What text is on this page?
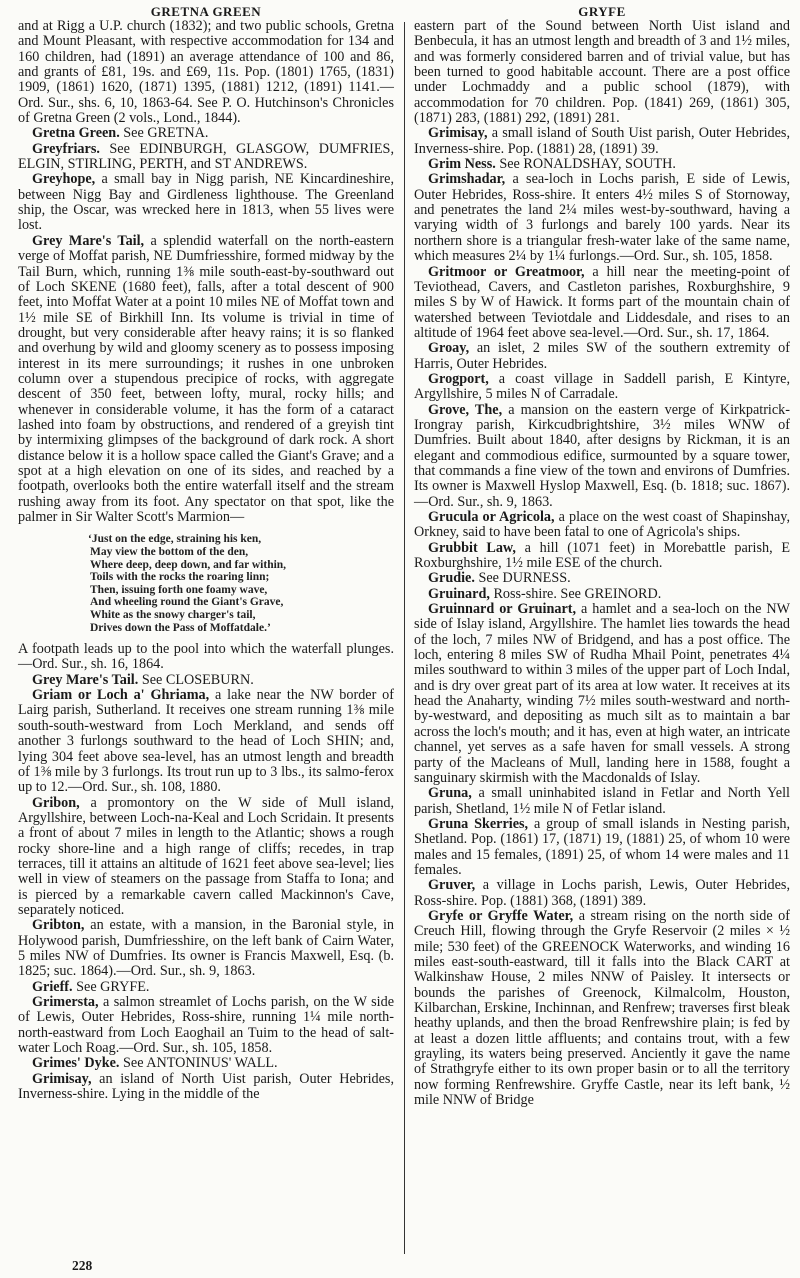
GRETNA GREEN	GRYFE

and at Rigg a U.P. church (1832); and two public schools, Gretna and Mount Pleasant, with respective accommodation for 134 and 160 children, had (1891) an average attendance of 100 and 86, and grants of £81, 19s. and £69, 11s. Pop. (1801) 1765, (1831) 1909, (1861) 1620, (1871) 1395, (1881) 1212, (1891) 1141.—Ord. Sur., shs. 6, 10, 1863-64. See P. O. Hutchinson's Chronicles of Gretna Green (2 vols., Lond., 1844).

Gretna Green. See GRETNA.

Greyfriars. See EDINBURGH, GLASGOW, DUMFRIES, ELGIN, STIRLING, PERTH, and ST ANDREWS.

Greyhope, a small bay in Nigg parish, NE Kincardineshire, between Nigg Bay and Girdleness lighthouse. The Greenland ship, the Oscar, was wrecked here in 1813, when 55 lives were lost.

Grey Mare's Tail, a splendid waterfall on the north-eastern verge of Moffat parish, NE Dumfriesshire, formed midway by the Tail Burn, which, running 1⅜ mile south-east-by-southward out of Loch SKENE (1680 feet), falls, after a total descent of 900 feet, into Moffat Water at a point 10 miles NE of Moffat town and 1½ mile SE of Birkhill Inn. Its volume is trivial in time of drought, but very considerable after heavy rains; it is so flanked and overhung by wild and gloomy scenery as to possess imposing interest in its mere surroundings; it rushes in one unbroken column over a stupendous precipice of rocks, with aggregate descent of 350 feet, between lofty, mural, rocky hills; and whenever in considerable volume, it has the form of a cataract lashed into foam by obstructions, and rendered of a greyish tint by intermixing glimpses of the background of dark rock. A short distance below it is a hollow space called the Giant's Grave; and a spot at a high elevation on one of its sides, and reached by a footpath, overlooks both the entire waterfall itself and the stream rushing away from its foot. Any spectator on that spot, like the palmer in Sir Walter Scott's Marmion—

‘Just on the edge, straining his ken,
May view the bottom of the den,
Where deep, deep down, and far within,
Toils with the rocks the roaring linn;
Then, issuing forth one foamy wave,
And wheeling round the Giant's Grave,
White as the snowy charger's tail,
Drives down the Pass of Moffatdale.’

A footpath leads up to the pool into which the waterfall plunges.—Ord. Sur., sh. 16, 1864.

Grey Mare's Tail. See CLOSEBURN.

Griam or Loch a' Ghriama, a lake near the NW border of Lairg parish, Sutherland. It receives one stream running 1⅜ mile south-south-westward from Loch Merkland, and sends off another 3 furlongs southward to the head of Loch SHIN; and, lying 304 feet above sea-level, has an utmost length and breadth of 1⅜ mile by 3 furlongs. Its trout run up to 3 lbs., its salmo-ferox up to 12.—Ord. Sur., sh. 108, 1880.

Gribon, a promontory on the W side of Mull island, Argyllshire, between Loch-na-Keal and Loch Scridain. It presents a front of about 7 miles in length to the Atlantic; shows a rough rocky shore-line and a high range of cliffs; recedes, in trap terraces, till it attains an altitude of 1621 feet above sea-level; lies well in view of steamers on the passage from Staffa to Iona; and is pierced by a remarkable cavern called Mackinnon's Cave, separately noticed.

Gribton, an estate, with a mansion, in the Baronial style, in Holywood parish, Dumfriesshire, on the left bank of Cairn Water, 5 miles NW of Dumfries. Its owner is Francis Maxwell, Esq. (b. 1825; suc. 1864).—Ord. Sur., sh. 9, 1863.

Grieff. See GRYFE.

Grimersta, a salmon streamlet of Lochs parish, on the W side of Lewis, Outer Hebrides, Ross-shire, running 1¼ mile north-north-eastward from Loch Eaoghail an Tuim to the head of salt-water Loch Roag.—Ord. Sur., sh. 105, 1858.

Grimes' Dyke. See ANTONINUS' WALL.

Grimisay, an island of North Uist parish, Outer Hebrides, Inverness-shire. Lying in the middle of the

eastern part of the Sound between North Uist island and Benbecula, it has an utmost length and breadth of 3 and 1½ miles, and was formerly considered barren and of trivial value, but has been turned to good habitable account. There are a post office under Lochmaddy and a public school (1879), with accommodation for 70 children. Pop. (1841) 269, (1861) 305, (1871) 283, (1881) 292, (1891) 281.

Grimisay, a small island of South Uist parish, Outer Hebrides, Inverness-shire. Pop. (1881) 28, (1891) 39.

Grim Ness. See RONALDSHAY, SOUTH.

Grimshadar, a sea-loch in Lochs parish, E side of Lewis, Outer Hebrides, Ross-shire. It enters 4½ miles S of Stornoway, and penetrates the land 2¼ miles west-by-southward, having a varying width of 3 furlongs and barely 100 yards. Near its northern shore is a triangular fresh-water lake of the same name, which measures 2¼ by 1¼ furlongs.—Ord. Sur., sh. 105, 1858.

Gritmoor or Greatmoor, a hill near the meeting-point of Teviothead, Cavers, and Castleton parishes, Roxburghshire, 9 miles S by W of Hawick. It forms part of the mountain chain of watershed between Teviotdale and Liddesdale, and rises to an altitude of 1964 feet above sea-level.—Ord. Sur., sh. 17, 1864.

Groay, an islet, 2 miles SW of the southern extremity of Harris, Outer Hebrides.

Grogport, a coast village in Saddell parish, E Kintyre, Argyllshire, 5 miles N of Carradale.

Grove, The, a mansion on the eastern verge of Kirkpatrick-Irongray parish, Kirkcudbrightshire, 3½ miles WNW of Dumfries. Built about 1840, after designs by Rickman, it is an elegant and commodious edifice, surmounted by a square tower, that commands a fine view of the town and environs of Dumfries. Its owner is Maxwell Hyslop Maxwell, Esq. (b. 1818; suc. 1867).—Ord. Sur., sh. 9, 1863.

Grucula or Agricola, a place on the west coast of Shapinshay, Orkney, said to have been fatal to one of Agricola's ships.

Grubbit Law, a hill (1071 feet) in Morebattle parish, E Roxburghshire, 1½ mile ESE of the church.

Grudie. See DURNESS.

Gruinard, Ross-shire. See GREINORD.

Gruinnard or Gruinart, a hamlet and a sea-loch on the NW side of Islay island, Argyllshire. The hamlet lies towards the head of the loch, 7 miles NW of Bridgend, and has a post office. The loch, entering 8 miles SW of Rudha Mhail Point, penetrates 4¼ miles southward to within 3 miles of the upper part of Loch Indal, and is dry over great part of its area at low water. It receives at its head the Anaharty, winding 7½ miles south-westward and north-by-westward, and depositing as much silt as to maintain a bar across the loch's mouth; and it has, even at high water, an intricate channel, yet serves as a safe haven for small vessels. A strong party of the Macleans of Mull, landing here in 1588, fought a sanguinary skirmish with the Macdonalds of Islay.

Gruna, a small uninhabited island in Fetlar and North Yell parish, Shetland, 1½ mile N of Fetlar island.

Gruna Skerries, a group of small islands in Nesting parish, Shetland. Pop. (1861) 17, (1871) 19, (1881) 25, of whom 10 were males and 15 females, (1891) 25, of whom 14 were males and 11 females.

Gruver, a village in Lochs parish, Lewis, Outer Hebrides, Ross-shire. Pop. (1881) 368, (1891) 389.

Gryfe or Gryffe Water, a stream rising on the north side of Creuch Hill, flowing through the Gryfe Reservoir (2 miles × ½ mile; 530 feet) of the GREENOCK Waterworks, and winding 16 miles east-south-eastward, till it falls into the Black CART at Walkinshaw House, 2 miles NNW of Paisley. It intersects or bounds the parishes of Greenock, Kilmalcolm, Houston, Kilbarchan, Erskine, Inchinnan, and Renfrew; traverses first bleak heathy uplands, and then the broad Renfrewshire plain; is fed by at least a dozen little affluents; and contains trout, with a few grayling, its waters being preserved. Anciently it gave the name of Strathgryfe either to its own proper basin or to all the territory now forming Renfrewshire. Gryffe Castle, near its left bank, ½ mile NNW of Bridge

228
